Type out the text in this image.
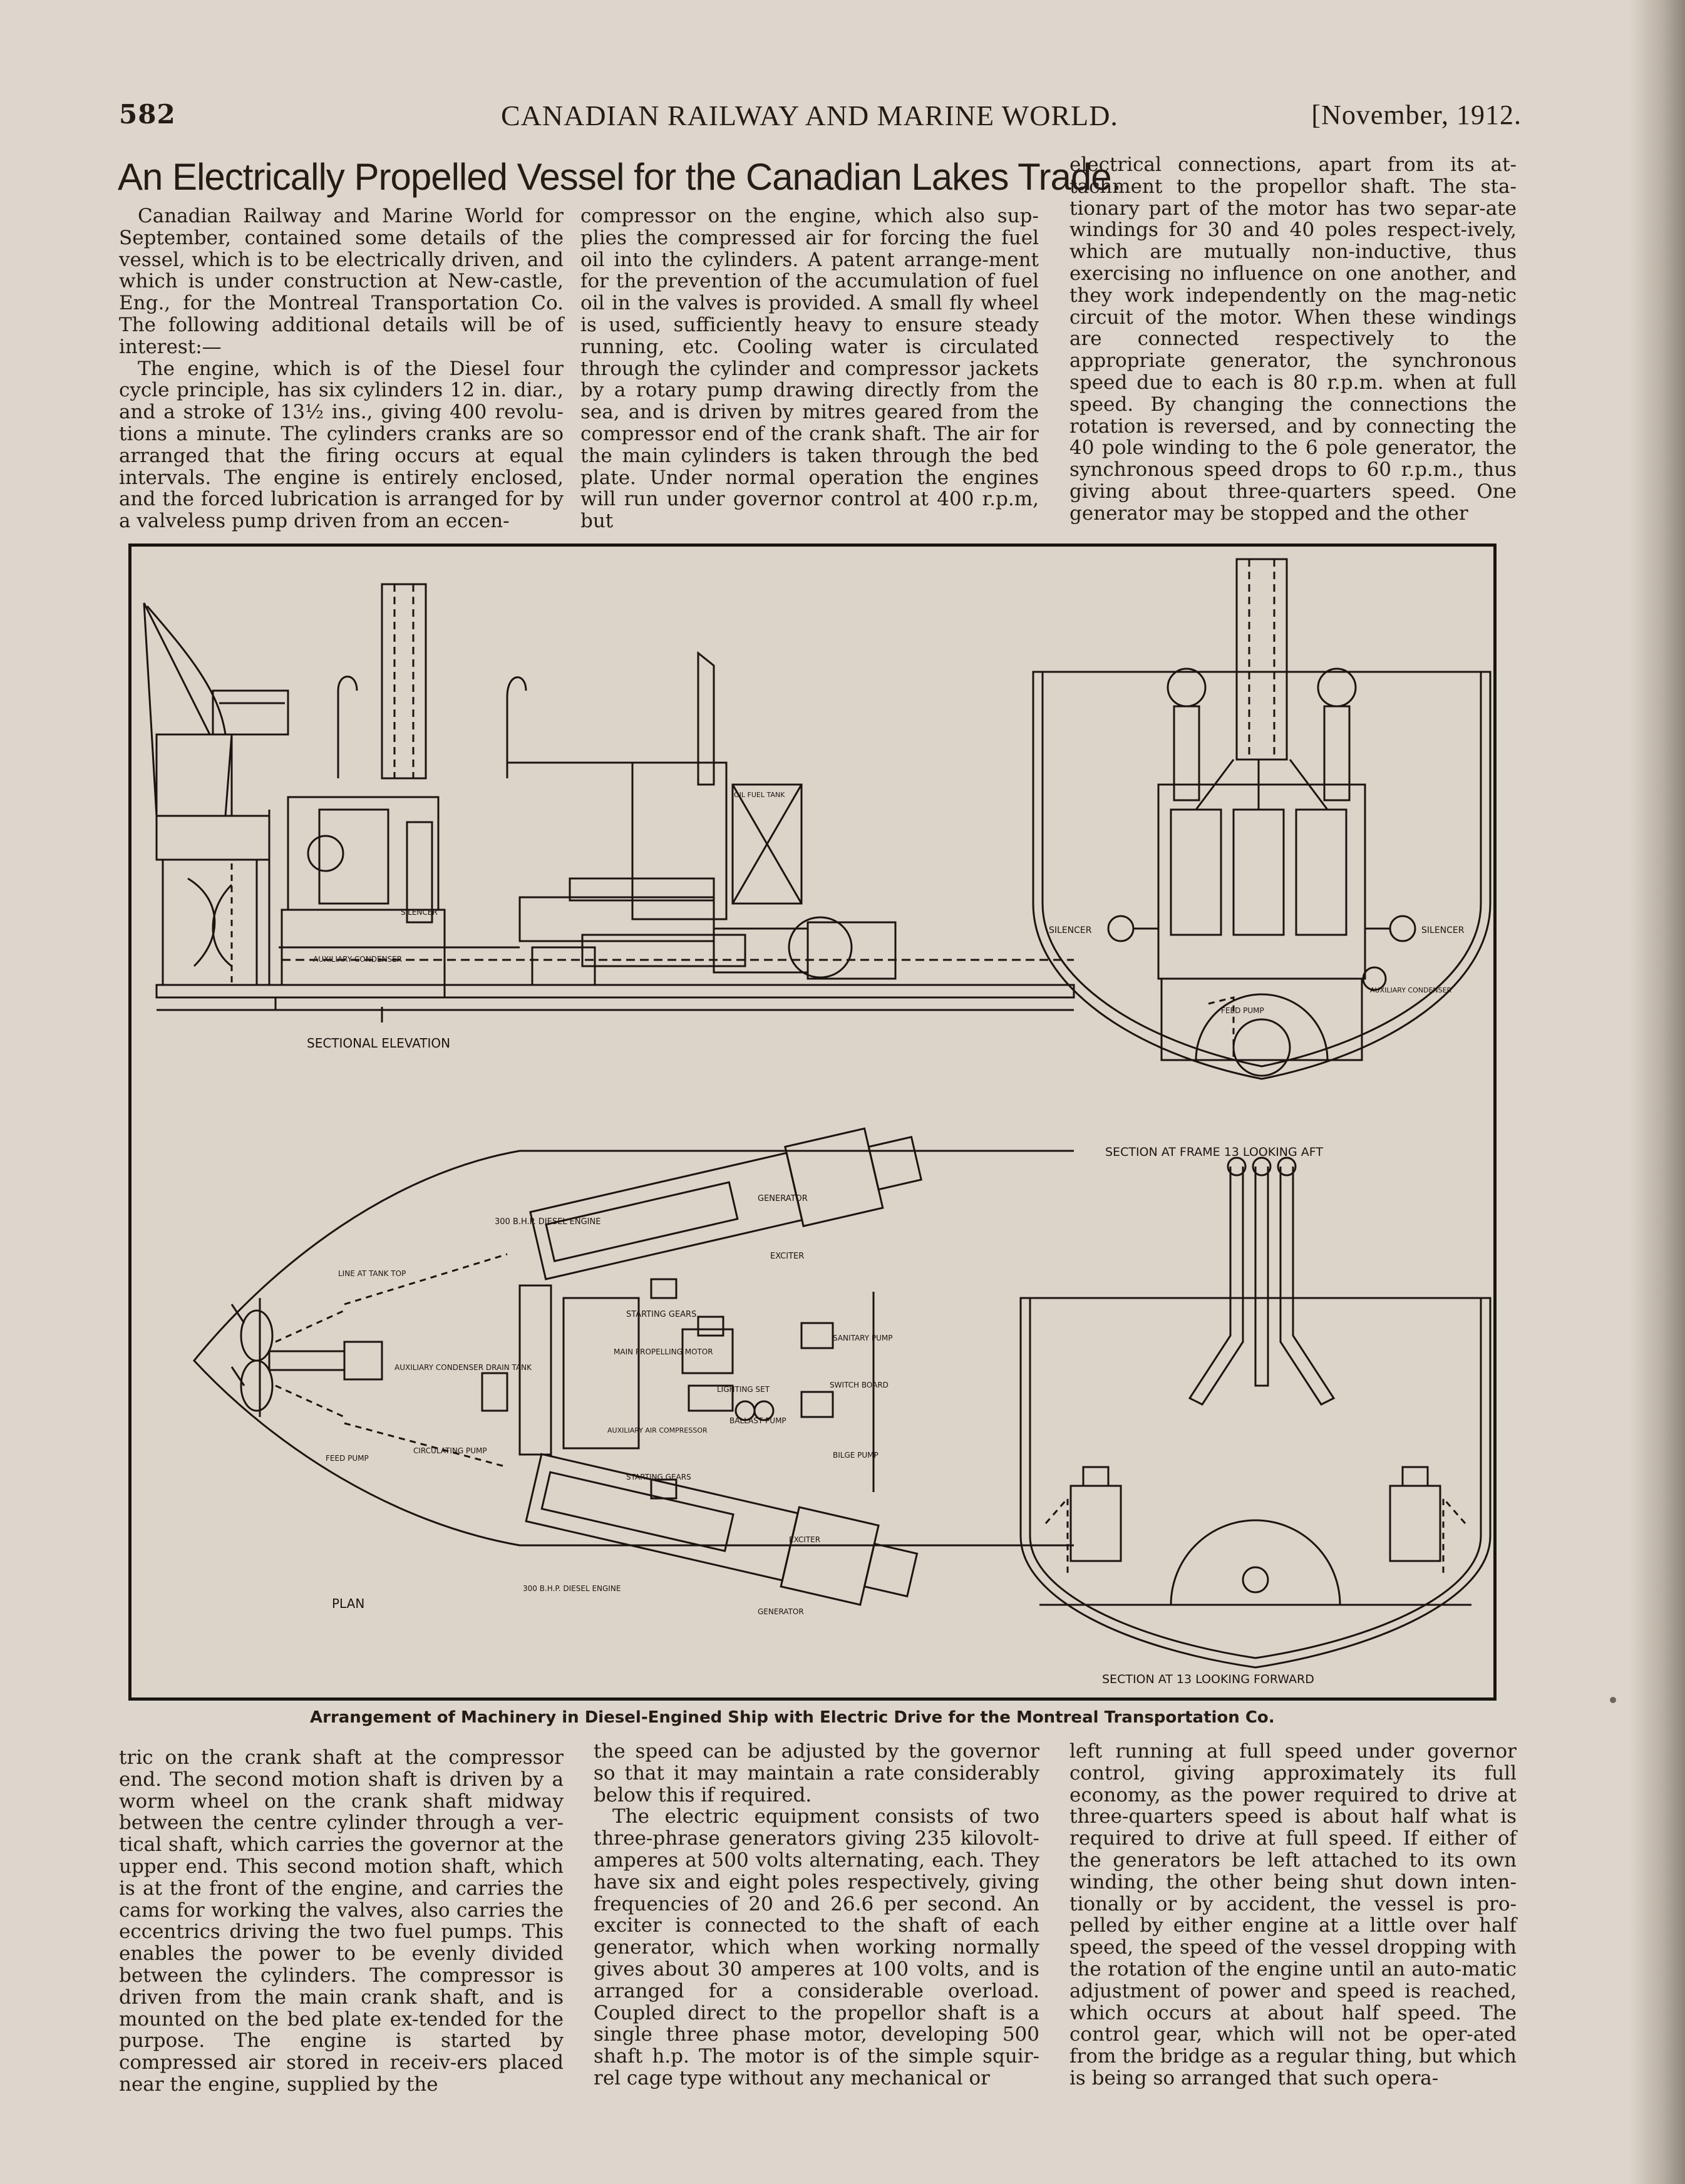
582	CANADIAN RAILWAY AND MARINE WORLD.	[November, 1912.
An Electrically Propelled Vessel for the Canadian Lakes Trade.

Canadian Railway and Marine World for September, contained some details of the vessel, which is to be electrically driven, and which is under construction at New-castle, Eng., for the Montreal Transportation Co. The following additional details will be of interest:—

The engine, which is of the Diesel four cycle principle, has six cylinders 12 in. diar., and a stroke of 13½ ins., giving 400 revolu-tions a minute. The cylinders cranks are so arranged that the firing occurs at equal intervals. The engine is entirely enclosed, and the forced lubrication is arranged for by a valveless pump driven from an eccen-

compressor on the engine, which also sup-plies the compressed air for forcing the fuel oil into the cylinders. A patent arrange-ment for the prevention of the accumulation of fuel oil in the valves is provided. A small fly wheel is used, sufficiently heavy to ensure steady running, etc. Cooling water is circulated through the cylinder and compressor jackets by a rotary pump drawing directly from the sea, and is driven by mitres geared from the compressor end of the crank shaft. The air for the main cylinders is taken through the bed plate. Under normal operation the engines will run under governor control at 400 r.p.m, but

electrical connections, apart from its at-tachment to the propellor shaft. The sta-tionary part of the motor has two separ-ate windings for 30 and 40 poles respect-ively, which are mutually non-inductive, thus exercising no influence on one another, and they work independently on the mag-netic circuit of the motor. When these windings are connected respectively to the appropriate generator, the synchronous speed due to each is 80 r.p.m. when at full speed. By changing the connections the rotation is reversed, and by connecting the 40 pole winding to the 6 pole generator, the synchronous speed drops to 60 r.p.m., thus giving about three-quarters speed. One generator may be stopped and the other

SECTIONAL ELEVATION
PLAN
SECTION AT FRAME 13 LOOKING AFT
SECTION AT 13 LOOKING FORWARD
OIL FUEL TANK
SILENCER
AUXILIARY CONDENSER
SILENCER	SILENCER
AUXILIARY CONDENSER
FEED PUMP
GENERATOR
300 B.H.P. DIESEL ENGINE
EXCITER
LINE AT TANK TOP
STARTING GEARS
SANITARY PUMP
AUXILIARY CONDENSER DRAIN TANK
MAIN PROPELLING MOTOR
LIGHTING SET	SWITCH BOARD
BALLAST PUMP
AUXILIARY AIR COMPRESSOR
BILGE PUMP
CIRCULATING PUMP
FEED PUMP
STARTING GEARS
EXCITER
300 B.H.P. DIESEL ENGINE
GENERATOR
Arrangement of Machinery in Diesel-Engined Ship with Electric Drive for the Montreal Transportation Co.

tric on the crank shaft at the compressor end. The second motion shaft is driven by a worm wheel on the crank shaft midway between the centre cylinder through a ver-tical shaft, which carries the governor at the upper end. This second motion shaft, which is at the front of the engine, and carries the cams for working the valves, also carries the eccentrics driving the two fuel pumps. This enables the power to be evenly divided between the cylinders. The compressor is driven from the main crank shaft, and is mounted on the bed plate ex-tended for the purpose. The engine is started by compressed air stored in receiv-ers placed near the engine, supplied by the

the speed can be adjusted by the governor so that it may maintain a rate considerably below this if required.

The electric equipment consists of two three-phrase generators giving 235 kilovolt-amperes at 500 volts alternating, each. They have six and eight poles respectively, giving frequencies of 20 and 26.6 per second. An exciter is connected to the shaft of each generator, which when working normally gives about 30 amperes at 100 volts, and is arranged for a considerable overload. Coupled direct to the propellor shaft is a single three phase motor, developing 500 shaft h.p. The motor is of the simple squir-rel cage type without any mechanical or

left running at full speed under governor control, giving approximately its full economy, as the power required to drive at three-quarters speed is about half what is required to drive at full speed. If either of the generators be left attached to its own winding, the other being shut down inten-tionally or by accident, the vessel is pro-pelled by either engine at a little over half speed, the speed of the vessel dropping with the rotation of the engine until an auto-matic adjustment of power and speed is reached, which occurs at about half speed. The control gear, which will not be oper-ated from the bridge as a regular thing, but which is being so arranged that such opera-
